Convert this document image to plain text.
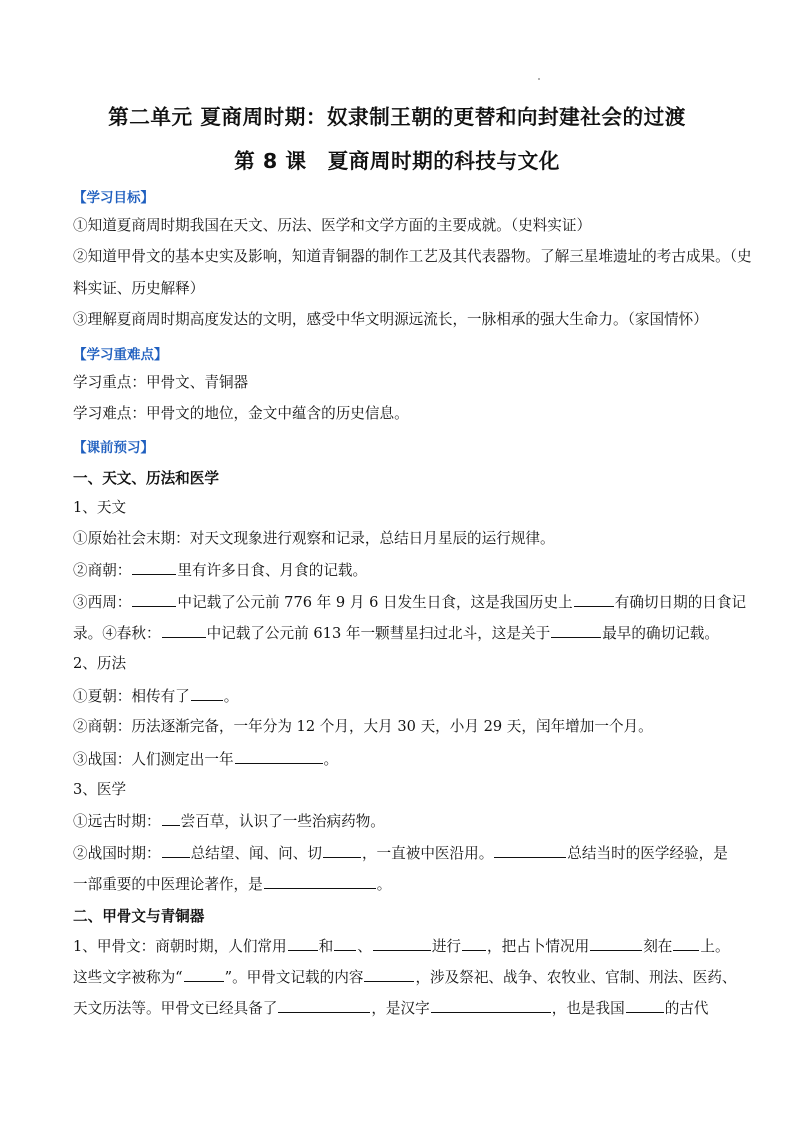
第二单元 夏商周时期：奴隶制王朝的更替和向封建社会的过渡
第 8 课　夏商周时期的科技与文化
【学习目标】
①知道夏商周时期我国在天文、历法、医学和文学方面的主要成就。（史料实证）
②知道甲骨文的基本史实及影响，知道青铜器的制作工艺及其代表器物。了解三星堆遗址的考古成果。（史
料实证、历史解释）
③理解夏商周时期高度发达的文明，感受中华文明源远流长，一脉相承的强大生命力。（家国情怀）
【学习重难点】
学习重点：甲骨文、青铜器
学习难点：甲骨文的地位，金文中蕴含的历史信息。
【课前预习】
一、天文、历法和医学
1、天文
①原始社会末期：对天文现象进行观察和记录，总结日月星辰的运行规律。
②商朝：	里有许多日食、月食的记载。
③西周：	中记载了公元前 776 年 9 月 6 日发生日食，这是我国历史上	有确切日期的日食记
录。④春秋：	中记载了公元前 613 年一颗彗星扫过北斗，这是关于	最早的确切记载。
2、历法
①夏朝：相传有了 。
②商朝：历法逐渐完备，一年分为 12 个月，大月 30 天，小月 29 天，闰年增加一个月。
③战国：人们测定出一年	。
3、医学
①远古时期： 尝百草，认识了一些治病药物。
②战国时期： 总结望、闻、问、切	，一直被中医沿用。	总结当时的医学经验，是
一部重要的中医理论著作，是	。
二、甲骨文与青铜器
1、甲骨文：商朝时期，人们常用 和 、	进行 ，把占卜情况用	刻在 上。
这些文字被称为“	”。甲骨文记载的内容	，涉及祭祀、战争、农牧业、官制、刑法、医药、
天文历法等。甲骨文已经具备了	，是汉字	，也是我国	的古代
